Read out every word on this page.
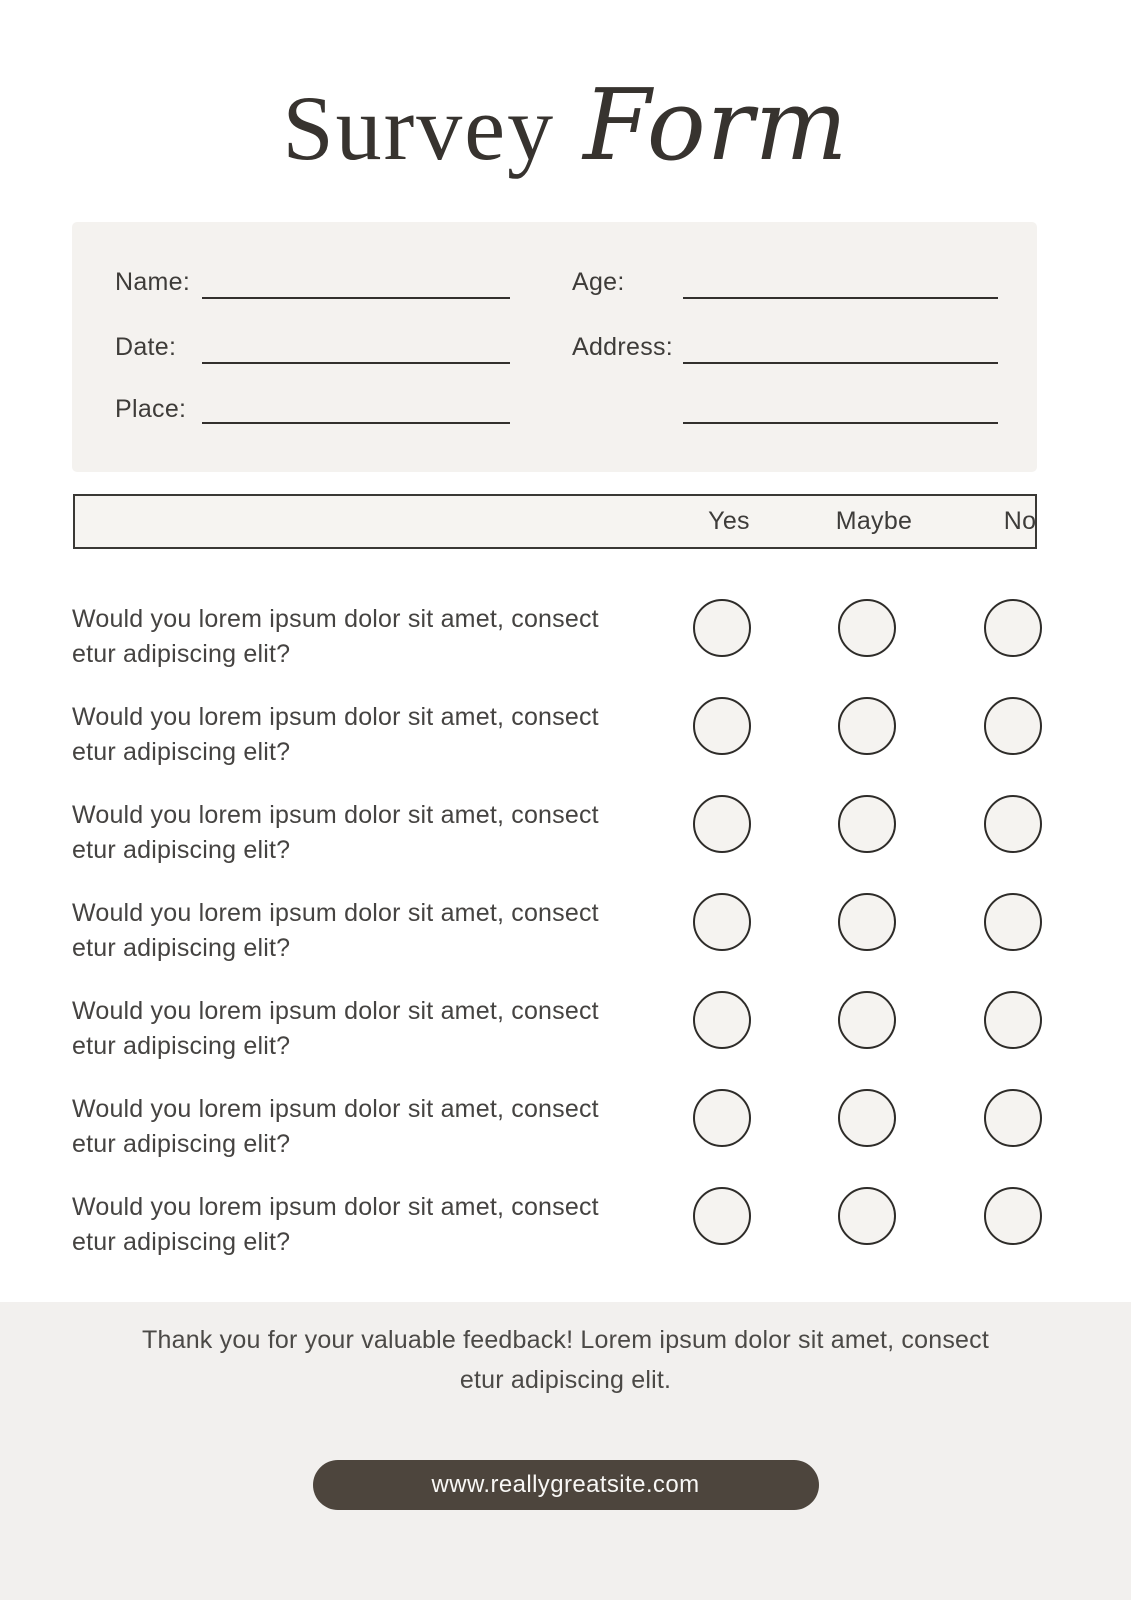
Survey Form
Name:
Date:
Place:
Age:
Address:
Yes	Maybe	No
Would you lorem ipsum dolor sit amet, consect
etur adipiscing elit?
Would you lorem ipsum dolor sit amet, consect
etur adipiscing elit?
Would you lorem ipsum dolor sit amet, consect
etur adipiscing elit?
Would you lorem ipsum dolor sit amet, consect
etur adipiscing elit?
Would you lorem ipsum dolor sit amet, consect
etur adipiscing elit?
Would you lorem ipsum dolor sit amet, consect
etur adipiscing elit?
Would you lorem ipsum dolor sit amet, consect
etur adipiscing elit?
Thank you for your valuable feedback! Lorem ipsum dolor sit amet, consect
etur adipiscing elit.
www.reallygreatsite.com
